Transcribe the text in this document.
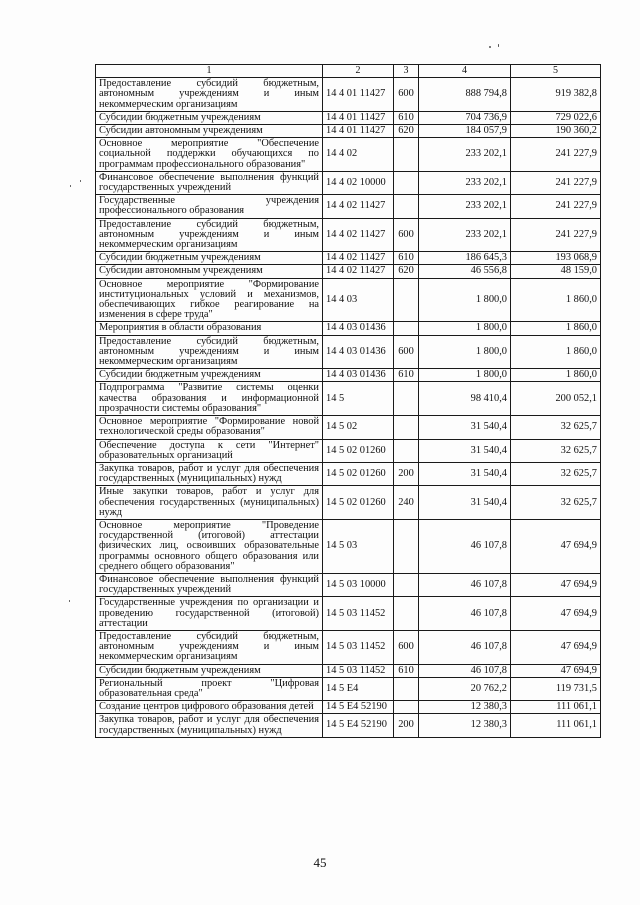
1	2	3	4	5
Предоставление субсидий бюджетным, автономным учреждениям и иным некоммерческим организациям	14 4 01 11427	600	888 794,8	919 382,8
Субсидии бюджетным учреждениям	14 4 01 11427	610	704 736,9	729 022,6
Субсидии автономным учреждениям	14 4 01 11427	620	184 057,9	190 360,2
Основное мероприятие "Обеспечение социальной поддержки обучающихся по программам профессионального образования"	14 4 02		233 202,1	241 227,9
Финансовое обеспечение выполнения функций государственных учреждений	14 4 02 10000		233 202,1	241 227,9
Государственные учреждения профессионального образования	14 4 02 11427		233 202,1	241 227,9
Предоставление субсидий бюджетным, автономным учреждениям и иным некоммерческим организациям	14 4 02 11427	600	233 202,1	241 227,9
Субсидии бюджетным учреждениям	14 4 02 11427	610	186 645,3	193 068,9
Субсидии автономным учреждениям	14 4 02 11427	620	46 556,8	48 159,0
Основное мероприятие "Формирование институциональных условий и механизмов, обеспечивающих гибкое реагирование на изменения в сфере труда"	14 4 03		1 800,0	1 860,0
Мероприятия в области образования	14 4 03 01436		1 800,0	1 860,0
Предоставление субсидий бюджетным, автономным учреждениям и иным некоммерческим организациям	14 4 03 01436	600	1 800,0	1 860,0
Субсидии бюджетным учреждениям	14 4 03 01436	610	1 800,0	1 860,0
Подпрограмма "Развитие системы оценки качества образования и информационной прозрачности системы образования"	14 5		98 410,4	200 052,1
Основное мероприятие "Формирование новой технологической среды образования"	14 5 02		31 540,4	32 625,7
Обеспечение доступа к сети "Интернет" образовательных организаций	14 5 02 01260		31 540,4	32 625,7
Закупка товаров, работ и услуг для обеспечения государственных (муниципальных) нужд	14 5 02 01260	200	31 540,4	32 625,7
Иные закупки товаров, работ и услуг для обеспечения государственных (муниципальных) нужд	14 5 02 01260	240	31 540,4	32 625,7
Основное мероприятие "Проведение государственной (итоговой) аттестации физических лиц, освоивших образовательные программы основного общего образования или среднего общего образования"	14 5 03		46 107,8	47 694,9
Финансовое обеспечение выполнения функций государственных учреждений	14 5 03 10000		46 107,8	47 694,9
Государственные учреждения по организации и проведению государственной (итоговой) аттестации	14 5 03 11452		46 107,8	47 694,9
Предоставление субсидий бюджетным, автономным учреждениям и иным некоммерческим организациям	14 5 03 11452	600	46 107,8	47 694,9
Субсидии бюджетным учреждениям	14 5 03 11452	610	46 107,8	47 694,9
Региональный проект "Цифровая образовательная среда"	14 5 E4		20 762,2	119 731,5
Создание центров цифрового образования детей	14 5 E4 52190		12 380,3	111 061,1
Закупка товаров, работ и услуг для обеспечения государственных (муниципальных) нужд	14 5 E4 52190	200	12 380,3	111 061,1
45
